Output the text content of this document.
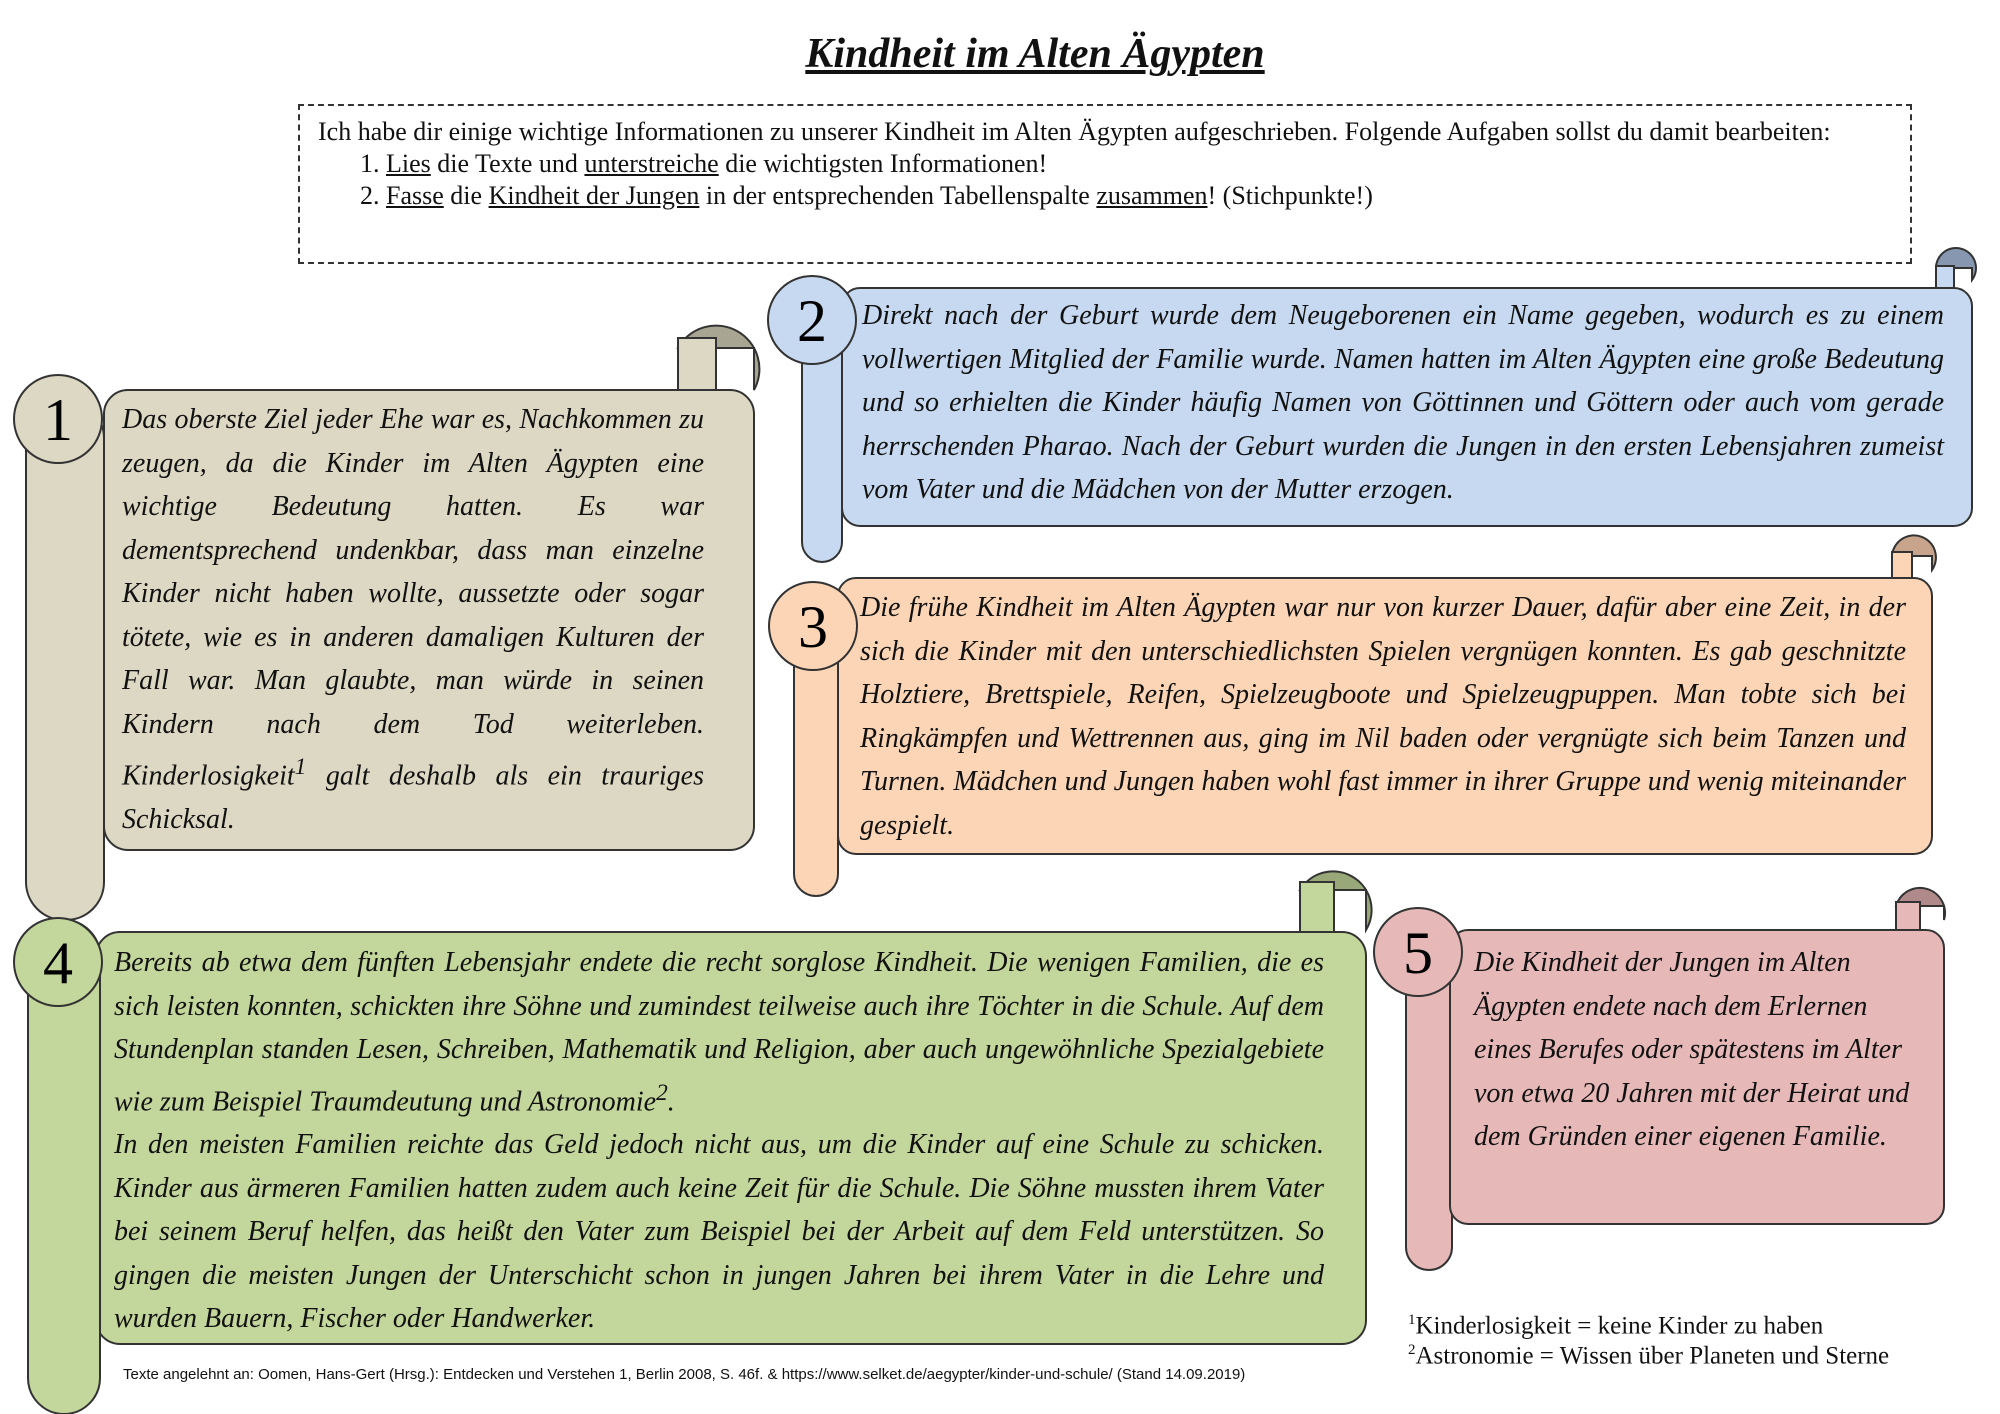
Kindheit im Alten Ägypten
Ich habe dir einige wichtige Informationen zu unserer Kindheit im Alten Ägypten aufgeschrieben. Folgende Aufgaben sollst du damit bearbeiten:
1. Lies die Texte und unterstreiche die wichtigsten Informationen!
2. Fasse die Kindheit der Jungen in der entsprechenden Tabellenspalte zusammen! (Stichpunkte!)
1
2
3
4	5
Das oberste Ziel jeder Ehe war es, Nachkommen zu zeugen, da die Kinder im Alten Ägypten eine wichtige Bedeutung hatten. Es war dementsprechend undenkbar, dass man einzelne Kinder nicht haben wollte, aussetzte oder sogar tötete, wie es in anderen damaligen Kulturen der Fall war. Man glaubte, man würde in seinen Kindern nach dem Tod weiterleben. Kinderlosigkeit$^1$ galt deshalb als ein trauriges Schicksal.
Direkt nach der Geburt wurde dem Neugeborenen ein Name gegeben, wodurch es zu einem vollwertigen Mitglied der Familie wurde. Namen hatten im Alten Ägypten eine große Bedeutung und so erhielten die Kinder häufig Namen von Göttinnen und Göttern oder auch vom gerade herrschenden Pharao. Nach der Geburt wurden die Jungen in den ersten Lebensjahren zumeist vom Vater und die Mädchen von der Mutter erzogen.
Die frühe Kindheit im Alten Ägypten war nur von kurzer Dauer, dafür aber eine Zeit, in der sich die Kinder mit den unterschiedlichsten Spielen vergnügen konnten. Es gab geschnitzte Holztiere, Brettspiele, Reifen, Spielzeugboote und Spielzeugpuppen. Man tobte sich bei Ringkämpfen und Wettrennen aus, ging im Nil baden oder vergnügte sich beim Tanzen und Turnen. Mädchen und Jungen haben wohl fast immer in ihrer Gruppe und wenig miteinander gespielt.
Bereits ab etwa dem fünften Lebensjahr endete die recht sorglose Kindheit. Die wenigen Familien, die es sich leisten konnten, schickten ihre Söhne und zumindest teilweise auch ihre Töchter in die Schule. Auf dem Stundenplan standen Lesen, Schreiben, Mathematik und Religion, aber auch ungewöhnliche Spezialgebiete wie zum Beispiel Traumdeutung und Astronomie$^2$.
In den meisten Familien reichte das Geld jedoch nicht aus, um die Kinder auf eine Schule zu schicken. Kinder aus ärmeren Familien hatten zudem auch keine Zeit für die Schule. Die Söhne mussten ihrem Vater bei seinem Beruf helfen, das heißt den Vater zum Beispiel bei der Arbeit auf dem Feld unterstützen. So gingen die meisten Jungen der Unterschicht schon in jungen Jahren bei ihrem Vater in die Lehre und wurden Bauern, Fischer oder Handwerker.
Die Kindheit der Jungen im Alten Ägypten endete nach dem Erlernen eines Berufes oder spätestens im Alter von etwa 20 Jahren mit der Heirat und dem Gründen einer eigenen Familie.
$^1$Kinderlosigkeit = keine Kinder zu haben
$^2$Astronomie = Wissen über Planeten und Sterne
Texte angelehnt an: Oomen, Hans-Gert (Hrsg.): Entdecken und Verstehen 1, Berlin 2008, S. 46f. & https://www.selket.de/aegypter/kinder-und-schule/ (Stand 14.09.2019)
